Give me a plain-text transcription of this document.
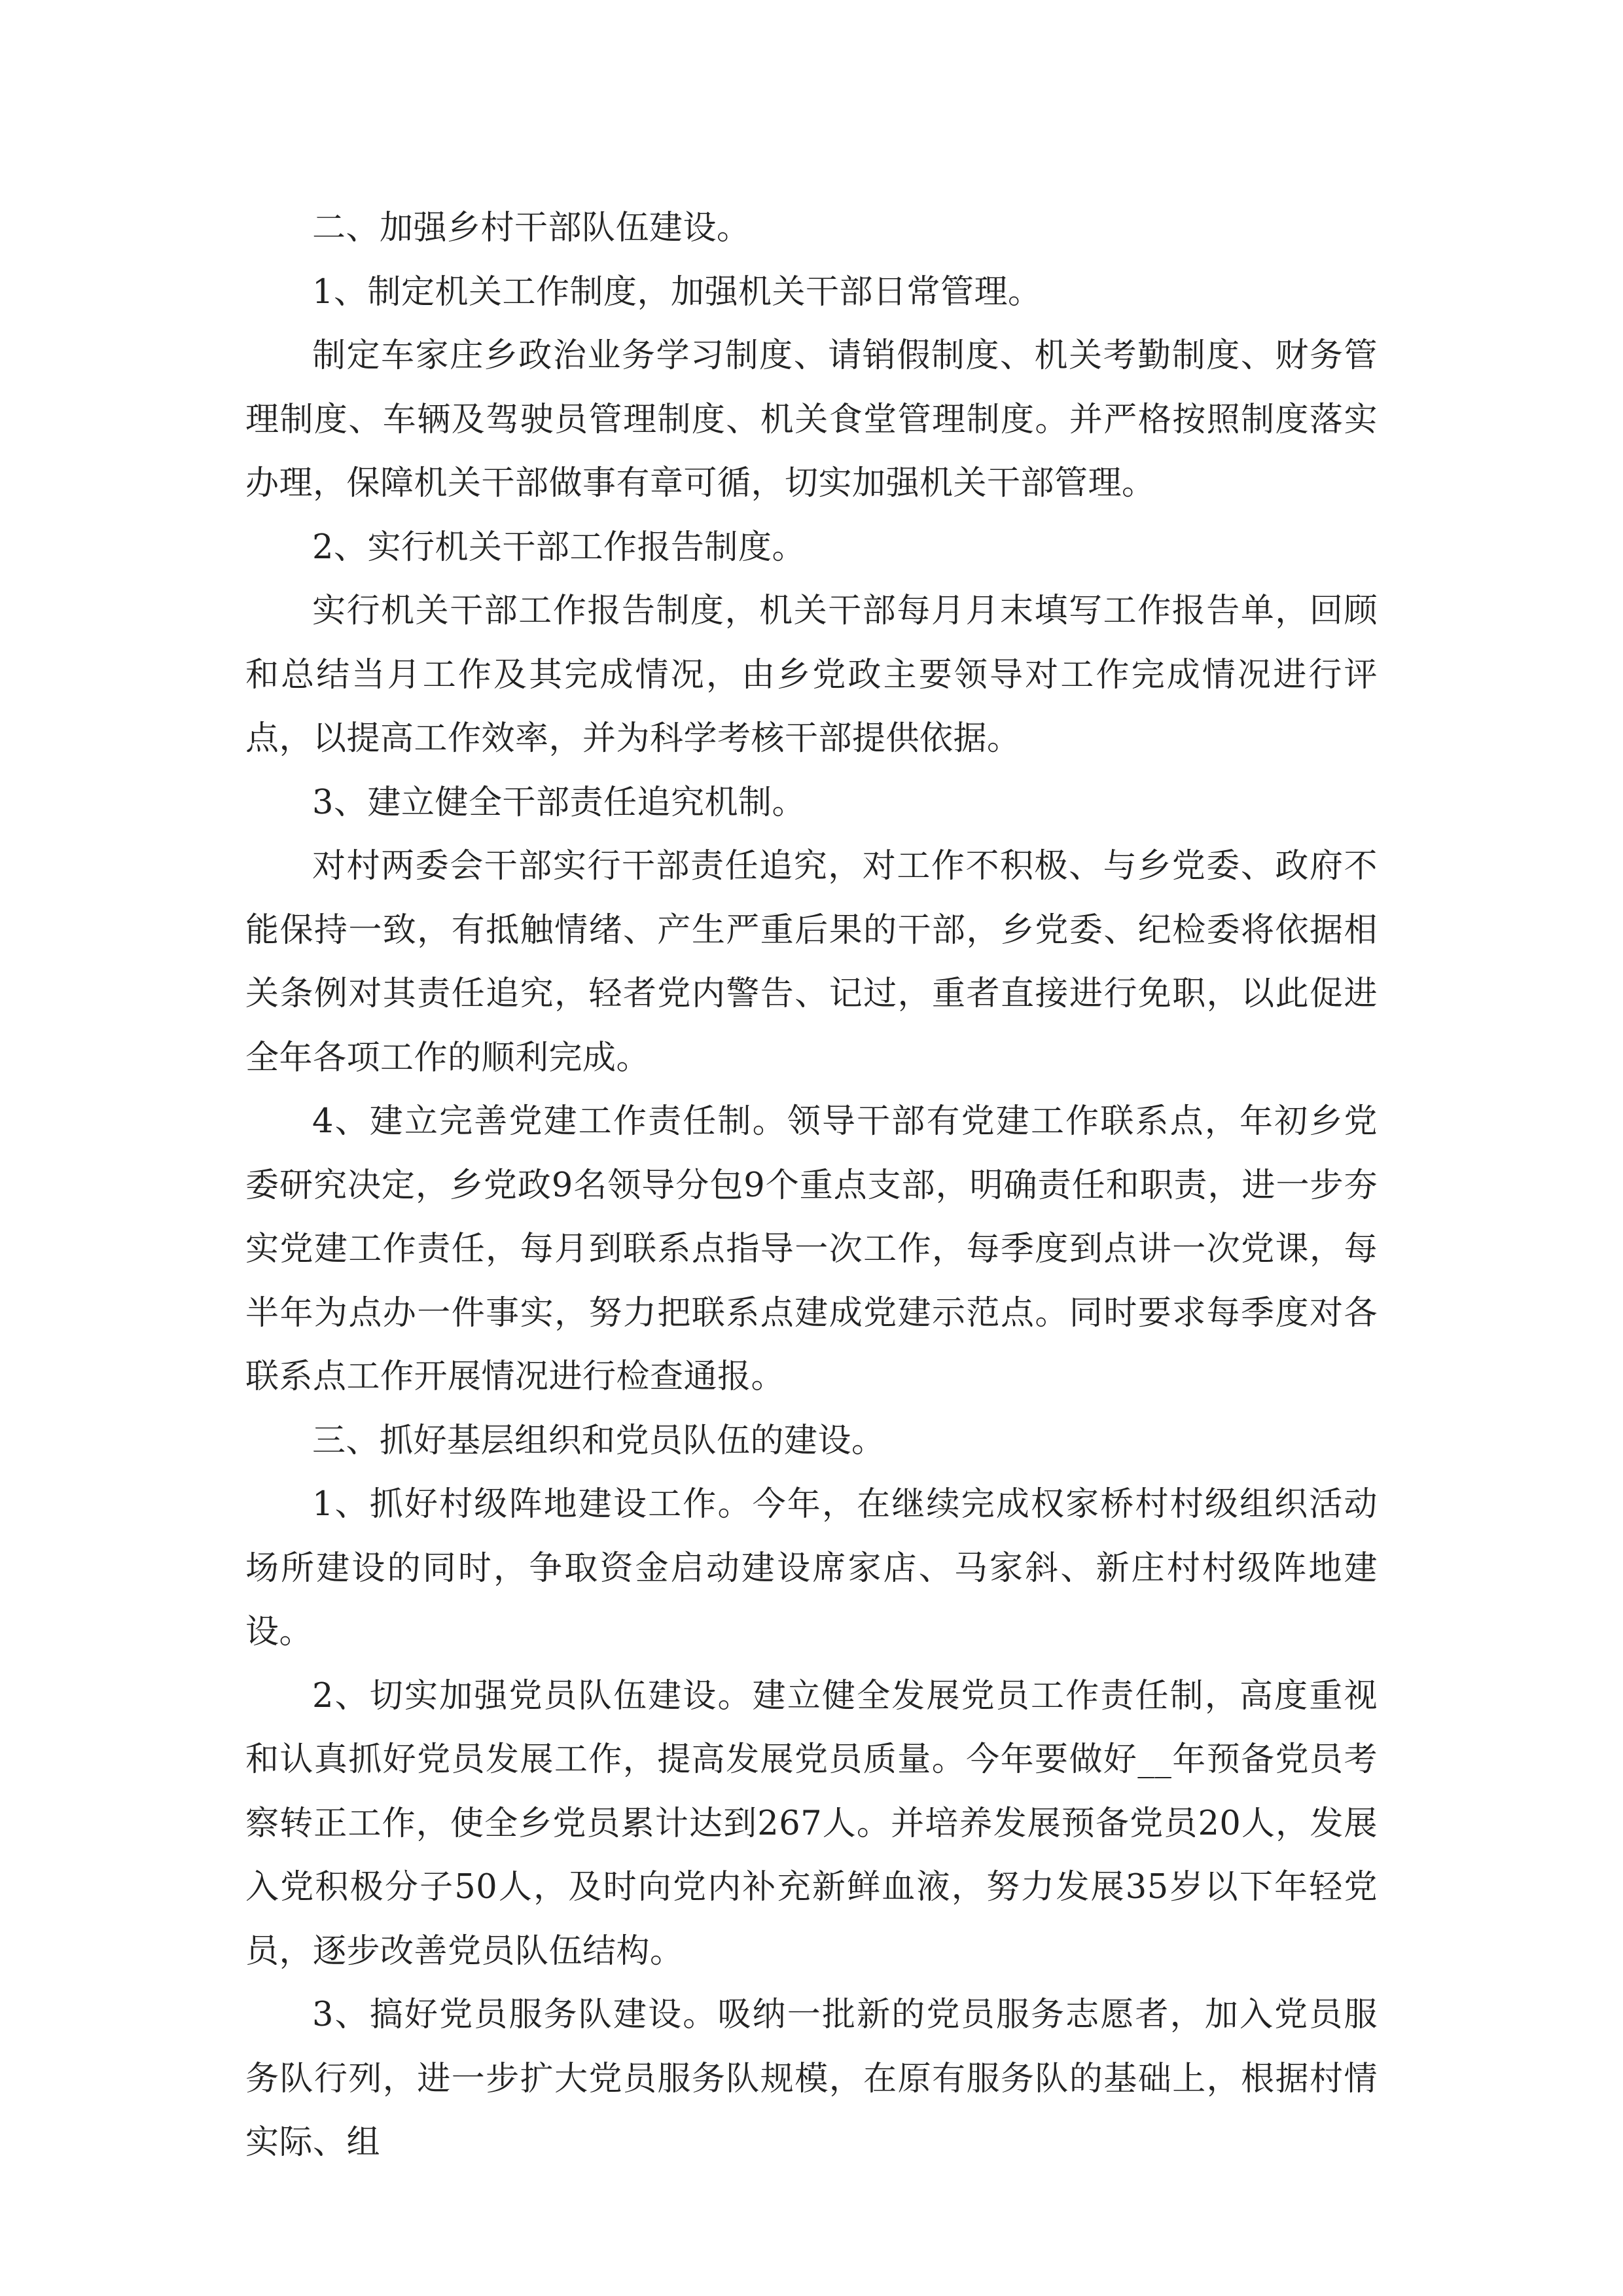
二、加强乡村干部队伍建设。

1、制定机关工作制度，加强机关干部日常管理。

制定车家庄乡政治业务学习制度、请销假制度、机关考勤制度、财务管理制度、车辆及驾驶员管理制度、机关食堂管理制度。并严格按照制度落实办理，保障机关干部做事有章可循，切实加强机关干部管理。

2、实行机关干部工作报告制度。

实行机关干部工作报告制度，机关干部每月月末填写工作报告单，回顾和总结当月工作及其完成情况，由乡党政主要领导对工作完成情况进行评点，以提高工作效率，并为科学考核干部提供依据。

3、建立健全干部责任追究机制。

对村两委会干部实行干部责任追究，对工作不积极、与乡党委、政府不能保持一致，有抵触情绪、产生严重后果的干部，乡党委、纪检委将依据相关条例对其责任追究，轻者党内警告、记过，重者直接进行免职，以此促进全年各项工作的顺利完成。

4、建立完善党建工作责任制。领导干部有党建工作联系点，年初乡党委研究决定，乡党政9名领导分包9个重点支部，明确责任和职责，进一步夯实党建工作责任，每月到联系点指导一次工作，每季度到点讲一次党课，每半年为点办一件事实，努力把联系点建成党建示范点。同时要求每季度对各联系点工作开展情况进行检查通报。

三、抓好基层组织和党员队伍的建设。

1、抓好村级阵地建设工作。今年，在继续完成权家桥村村级组织活动场所建设的同时，争取资金启动建设席家店、马家斜、新庄村村级阵地建设。

2、切实加强党员队伍建设。建立健全发展党员工作责任制，高度重视和认真抓好党员发展工作，提高发展党员质量。今年要做好__年预备党员考察转正工作，使全乡党员累计达到267人。并培养发展预备党员20人，发展入党积极分子50人，及时向党内补充新鲜血液，努力发展35岁以下年轻党员，逐步改善党员队伍结构。

3、搞好党员服务队建设。吸纳一批新的党员服务志愿者，加入党员服务队行列，进一步扩大党员服务队规模，在原有服务队的基础上，根据村情实际、组
